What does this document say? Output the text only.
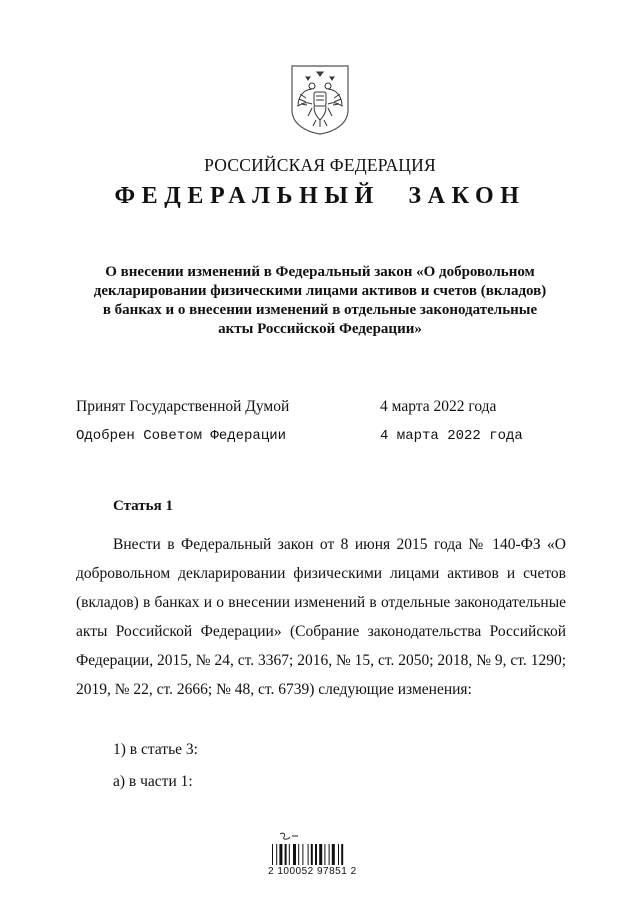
РОССИЙСКАЯ ФЕДЕРАЦИЯ
ФЕДЕРАЛЬНЫЙ ЗАКОН
О внесении изменений в Федеральный закон «О добровольном
декларировании физическими лицами активов и счетов (вкладов)
в банках и о внесении изменений в отдельные законодательные
акты Российской Федерации»
Принят Государственной Думой	4 марта 2022 года
Одобрен Советом Федерации	4 марта 2022 года
Статья 1

Внести в Федеральный закон от 8 июня 2015 года № 140-ФЗ «О добровольном декларировании физическими лицами активов и счетов (вкладов) в банках и о внесении изменений в отдельные законодательные акты Российской Федерации» (Собрание законодательства Российской Федерации, 2015, № 24, ст. 3367; 2016, № 15, ст. 2050; 2018, № 9, ст. 1290; 2019, № 22, ст. 2666; № 48, ст. 6739) следующие изменения:

1) в статье 3:
а) в части 1:
2 100052 97851 2
